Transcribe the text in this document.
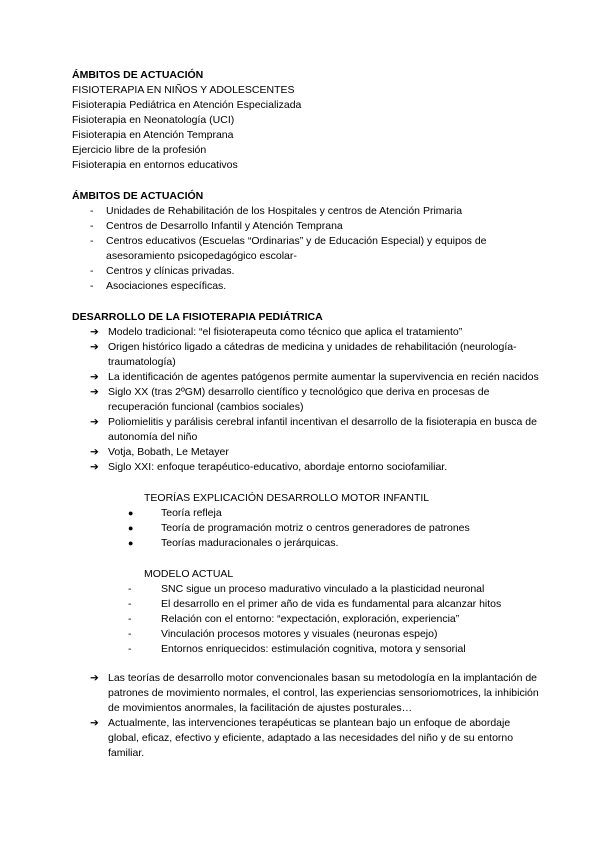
ÁMBITOS DE ACTUACIÓN

FISIOTERAPIA EN NIÑOS Y ADOLESCENTES

Fisioterapia Pediátrica en Atención Especializada

Fisioterapia en Neonatología (UCI)

Fisioterapia en Atención Temprana

Ejercicio libre de la profesión

Fisioterapia en entornos educativos

ÁMBITOS DE ACTUACIÓN

- Unidades de Rehabilitación de los Hospitales y centros de Atención Primaria
- Centros de Desarrollo Infantil y Atención Temprana
- Centros educativos (Escuelas “Ordinarias” y de Educación Especial) y equipos de asesoramiento psicopedagógico escolar-
- Centros y clínicas privadas.
- Asociaciones específicas.

DESARROLLO DE LA FISIOTERAPIA PEDIÁTRICA

➔ Modelo tradicional: “el fisioterapeuta como técnico que aplica el tratamiento”
➔ Origen histórico ligado a cátedras de medicina y unidades de rehabilitación (neurología-traumatología)
➔ La identificación de agentes patógenos permite aumentar la supervivencia en recién nacidos
➔ Siglo XX (tras 2ºGM) desarrollo científico y tecnológico que deriva en procesas de recuperación funcional (cambios sociales)
➔ Poliomielitis y parálisis cerebral infantil incentivan el desarrollo de la fisioterapia en busca de autonomía del niño
➔ Votja, Bobath, Le Metayer
➔ Siglo XXI: enfoque terapéutico-educativo, abordaje entorno sociofamiliar.

TEORÍAS EXPLICACIÓN DESARROLLO MOTOR INFANTIL

●	Teoría refleja
●	Teoría de programación motriz o centros generadores de patrones
●	Teorías maduracionales o jerárquicas.

MODELO ACTUAL

-	SNC sigue un proceso madurativo vinculado a la plasticidad neuronal
-	El desarrollo en el primer año de vida es fundamental para alcanzar hitos
-	Relación con el entorno: “expectación, exploración, experiencia”
-	Vinculación procesos motores y visuales (neuronas espejo)
-	Entornos enriquecidos: estimulación cognitiva, motora y sensorial
➔ Las teorías de desarrollo motor convencionales basan su metodología en la implantación de patrones de movimiento normales, el control, las experiencias sensoriomotrices, la inhibición de movimientos anormales, la facilitación de ajustes posturales…
➔ Actualmente, las intervenciones terapéuticas se plantean bajo un enfoque de abordaje global, eficaz, efectivo y eficiente, adaptado a las necesidades del niño y de su entorno familiar.
